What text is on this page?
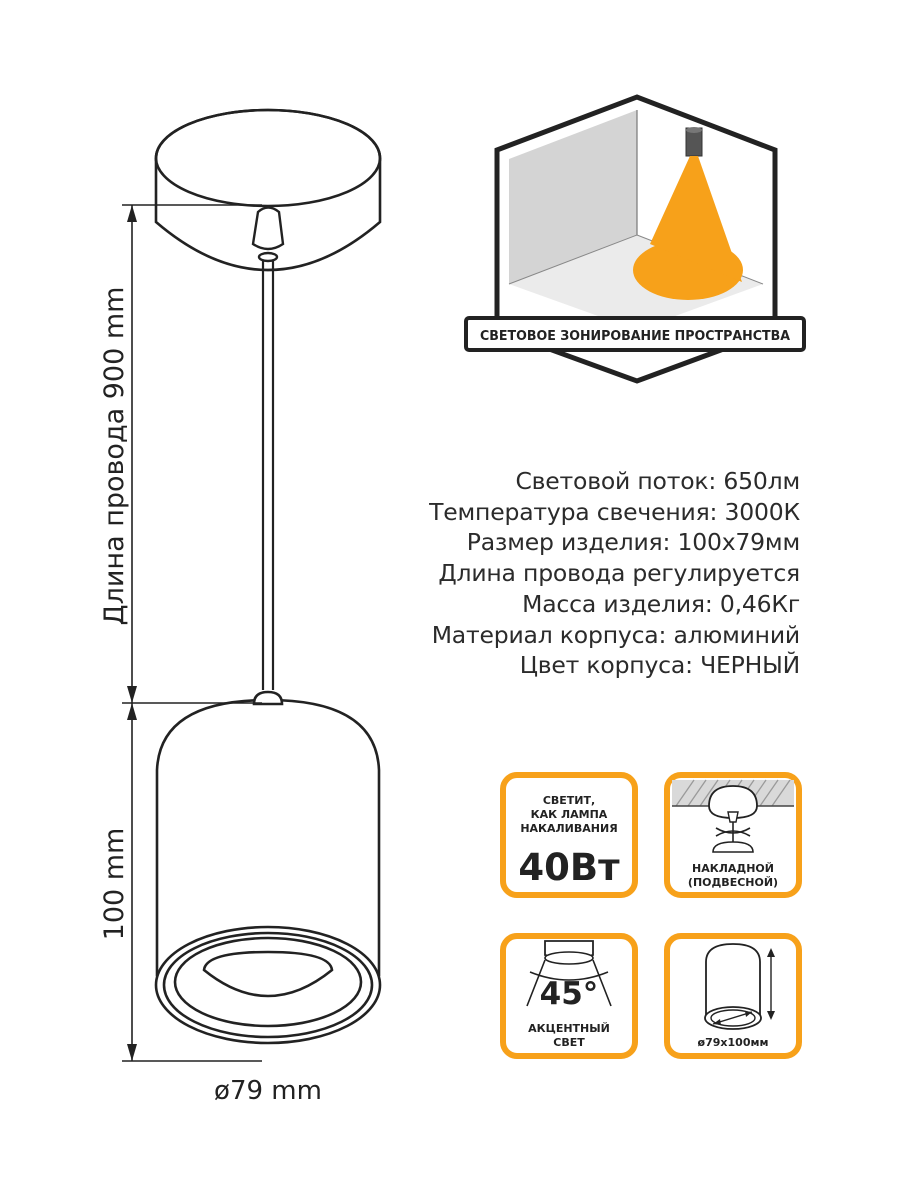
Длина провода 900 mm
100 mm
ø79 mm
СВЕТОВОЕ ЗОНИРОВАНИЕ ПРОСТРАНСТВА
СВЕТИТ,
КАК ЛАМПА
НАКАЛИВАНИЯ
40Вт	НАКЛАДНОЙ
(ПОДВЕСНОЙ)
45°
АКЦЕНТНЫЙ
СВЕТ	ø79х100мм
Световой поток: 650лм
Температура свечения: 3000К
Размер изделия: 100х79мм
Длина провода регулируется
Масса изделия: 0,46Кг
Материал корпуса: алюминий
Цвет корпуса: ЧЕРНЫЙ
